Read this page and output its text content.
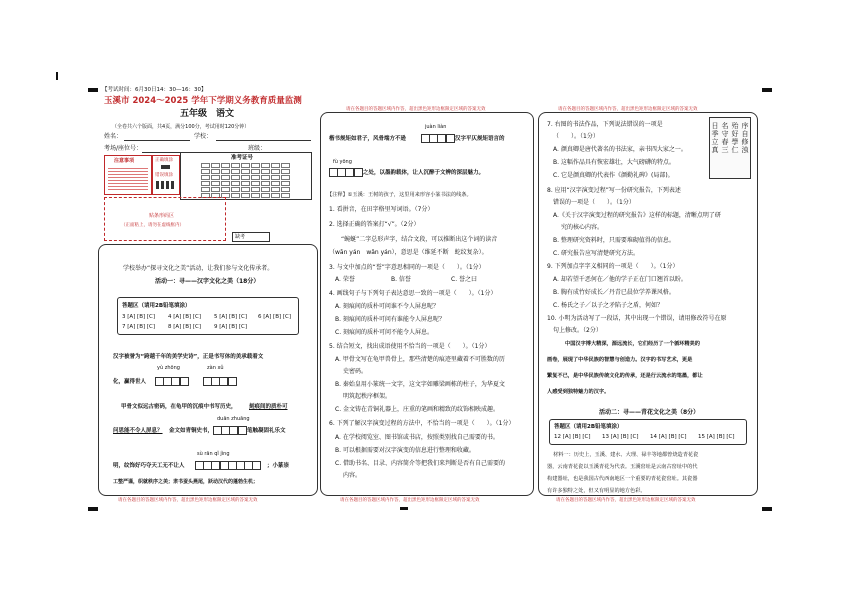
【考试时间：6月30日14：30—16：30】
玉溪市 2024～2025 学年下学期义务教育质量监测
五年级　语文
（全卷共六个版面，共4页，满分100分，考试用时120分钟）
学校：
姓名：
班级：
考场/座位号：
注意事项	正确填涂
错误填涂
准考证号
贴条形码区
（正面粘上，请勿在虚线框内）
缺考
学校举办“探寻文化之美”活动，让我们参与文化传承者。
活动一：寻——汉字文化之美（18分）
答题区（请用2B铅笔填涂）
3 [A] [B] [C] 4 [A] [B] [C] 5 [A] [B] [C] 6 [A] [B] [C]
7 [A] [B] [C] 8 [A] [B] [C] 9 [A] [B] [C]
汉字被誉为“跨越千年的美学史诗”，正是书写体的美承载着文
yù zhōng	zàn xǔ
化，赢得世人
甲骨文似远古密码，在龟甲的沉痕中书写历史， 刻痕间的质朴可
duān zhuāng
问思能不令人屏息？ 金文如青铜史书，	笔触凝固礼乐文
sù rān qǐ jìng
明，纹饰好巧夺天工无不让人	；小篆崇
工整严谨，织就秩序之美；隶书蚕头燕尾，跃动汉代的蓬勃生机；
请在各题目的答题区域内作答，超出黑色矩形边框限定区域的答案无效
请在各题目的答题区域内作答，超出黑色矩形边框限定区域的答案无效
juàn liàn
楷书规矩如君子，风骨端方不逊	汉字平仄规矩语言的
fù yōng
之处，以墨韵载体，让人沉醉于文辨的深层魅力。
【注释】①玉溪：王树的孩子，这里用来形容小篆书法的线条。
1. 看拼音，在田字格里写词语。（7分）
2. 选择正确的答案打“√”。（2分）
“蜿蜒”二字总形声字，结合文段，可以推断出这个词的读音
（wān yán　wǎn yán），意思是（维延不断　蛇纹复杂）。
3. 与文中加点的“誉”字意思相同的一项是（　　）。（1分）
A. 荣誉	B. 信誉	C. 誉之曰
4. 画线句子与下列句子表达意思一致的一项是（　　）。（1分）
A. 刻痕间的质朴可问谁不令人屏息呢？
B. 刻痕间的质朴可问有谁能令人屏息呢？
C. 刻痕间的质朴可问不能令人屏息。
5. 结合短文，找出成语使用不恰当的一项是（　　）。（1分）
A. 甲骨文写在龟甲兽骨上，那些清楚的痕迹里藏着不可胜数的历
史密码。
B. 秦始皇用小篆统一文字，这文字如雕梁画栋的柱子，为华夏文
明筑起秩序框架。
C. 金文铸在青铜礼器上，庄重的笔画和精致的纹饰相映成趣。
6. 下列了解汉字演变过程的方法中，不恰当的一项是（　　）。（1分）
A. 在学校阅览室、图书馆或书店，按照类别找自己需要的书。
B. 可以根据需要对汉字演变的信息进行整理和收藏。
C. 借助书名、目录、内容简介等把我们来判断是否有自己需要的
内容。
请在各题目的答题区域内作答，超出黑色矩形边框限定区域的答案无效
请在各题目的答题区域内作答，超出黑色矩形边框限定区域的答案无效
7. 右图的书法作品，下列说法错误的一项是
（　　）。（1分）
A. 颜真卿是唐代著名的书法家，亲书四大家之一。
B. 这幅作品具有恢宏雄壮，大气磅礴的特点。
C. 它是颜真卿的代表作《颜勤礼碑》(局部)。
序
自
修
浊
殆
好
學
仁
名
守
春
三
日
季
立
真
8. 应用“汉字演变过程”写一份研究报告，下列表述
错误的一项是（　　）。（1分）
A.《关于汉字演变过程的研究报告》这样的标题，清晰点明了研
究的核心内容。
B. 整理研究资料时，只需要堆砌值得的信息。
C. 研究报告应写清楚研究方法。
9. 下列加点字字义相同的一项是（　　）。（1分）
A. 却若望千恶何在／他的学子正在门口翘首以盼。
B. 胸有成竹好成长／丹青已晨位学养课风格。
C. 杨氏之子／以子之矛陷子之盾，何如？
10. 小明为活动写了一段话，其中出现一个错误，请用修改符号在原
句上修改。（2分）
中国汉字博大精深，源远流长，它们经历了一个循环精美的
画卷，展现了中华民族的智慧与创造力。汉字的书写艺术，更是
繁复不已，是中华民族传统文化的传承，还是行云流水的笔墨，都让
人感受到独特魅力的汉字。
活动二：寻——青花文化之美（8分）
答题区（请用2B铅笔填涂）
12 [A] [B] [C] 13 [A] [B] [C] 14 [A] [B] [C] 15 [A] [B] [C]
材料一：历史上，玉溪、建水、大理、禄丰等地都曾烧造青花瓷
器，云南青花瓷以玉溪青花为代表。玉溪窑址是云南古窑址中的代
构建器址，也是我国古代西南地区一个重要的青花瓷窑址。其瓷器
有许多独特之处，但又有明显的地方色彩。
请在各题目的答题区域内作答，超出黑色矩形边框限定区域的答案无效
